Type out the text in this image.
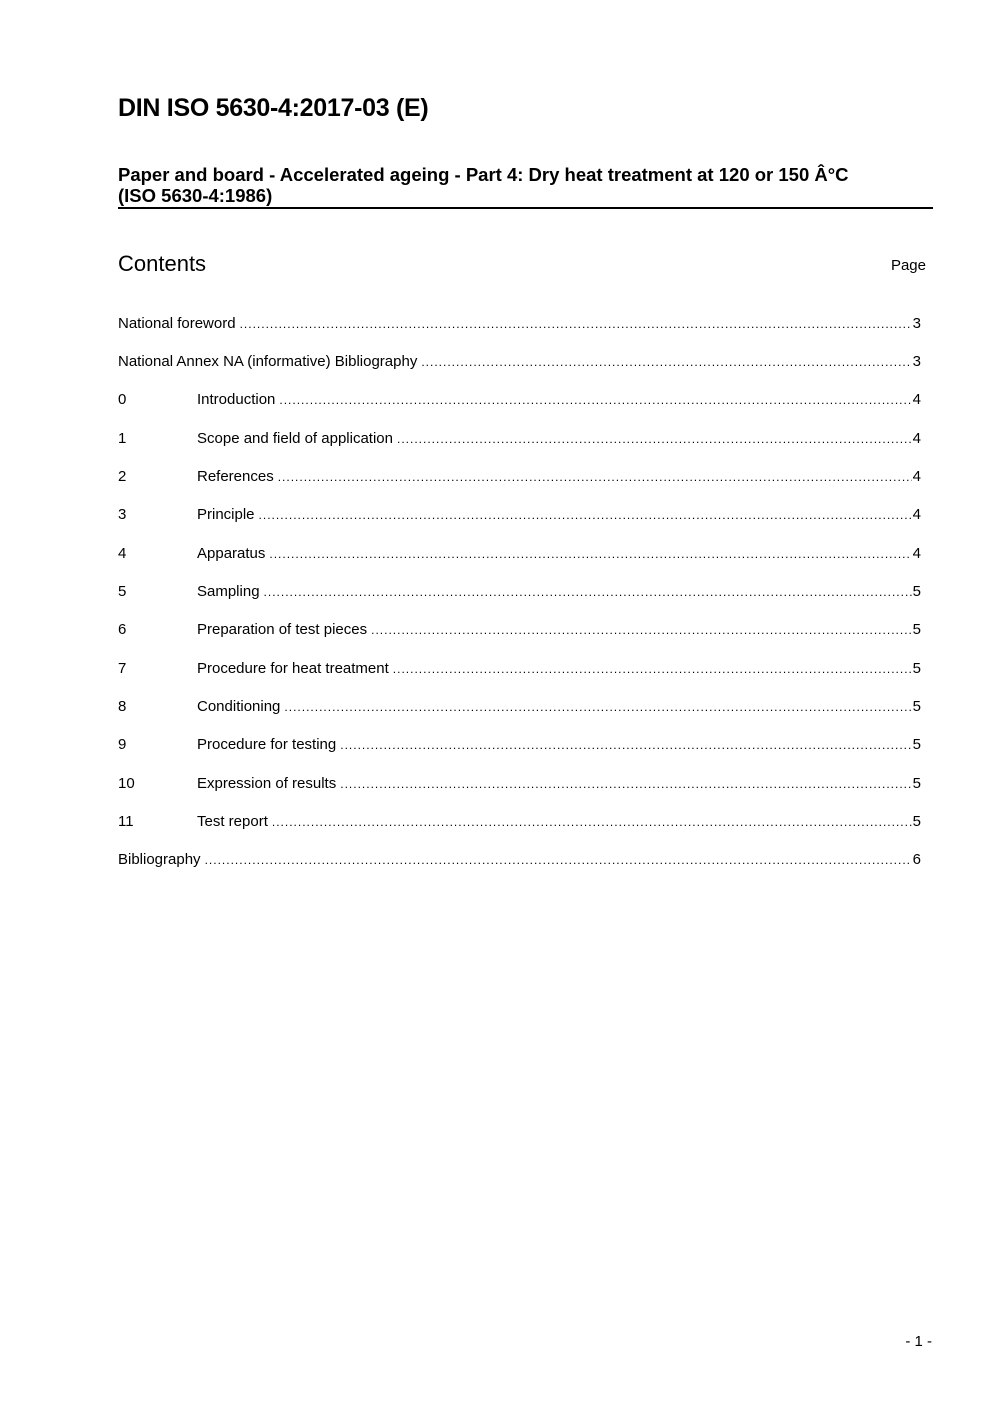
DIN ISO 5630-4:2017-03 (E)
Paper and board - Accelerated ageing - Part 4: Dry heat treatment at 120 or 150 Â°C
(ISO 5630-4:1986)
Contents	Page
National foreword .....	3
National Annex NA (informative) Bibliography .....	3
0	Introduction .....	4
1	Scope and field of application .....	4
2	References .....	4
3	Principle .....	4
4	Apparatus .....	4
5	Sampling .....	5
6	Preparation of test pieces .....	5
7	Procedure for heat treatment .....	5
8	Conditioning .....	5
9	Procedure for testing .....	5
10	Expression of results .....	5
11	Test report .....	5
Bibliography .....	6
- 1 -
